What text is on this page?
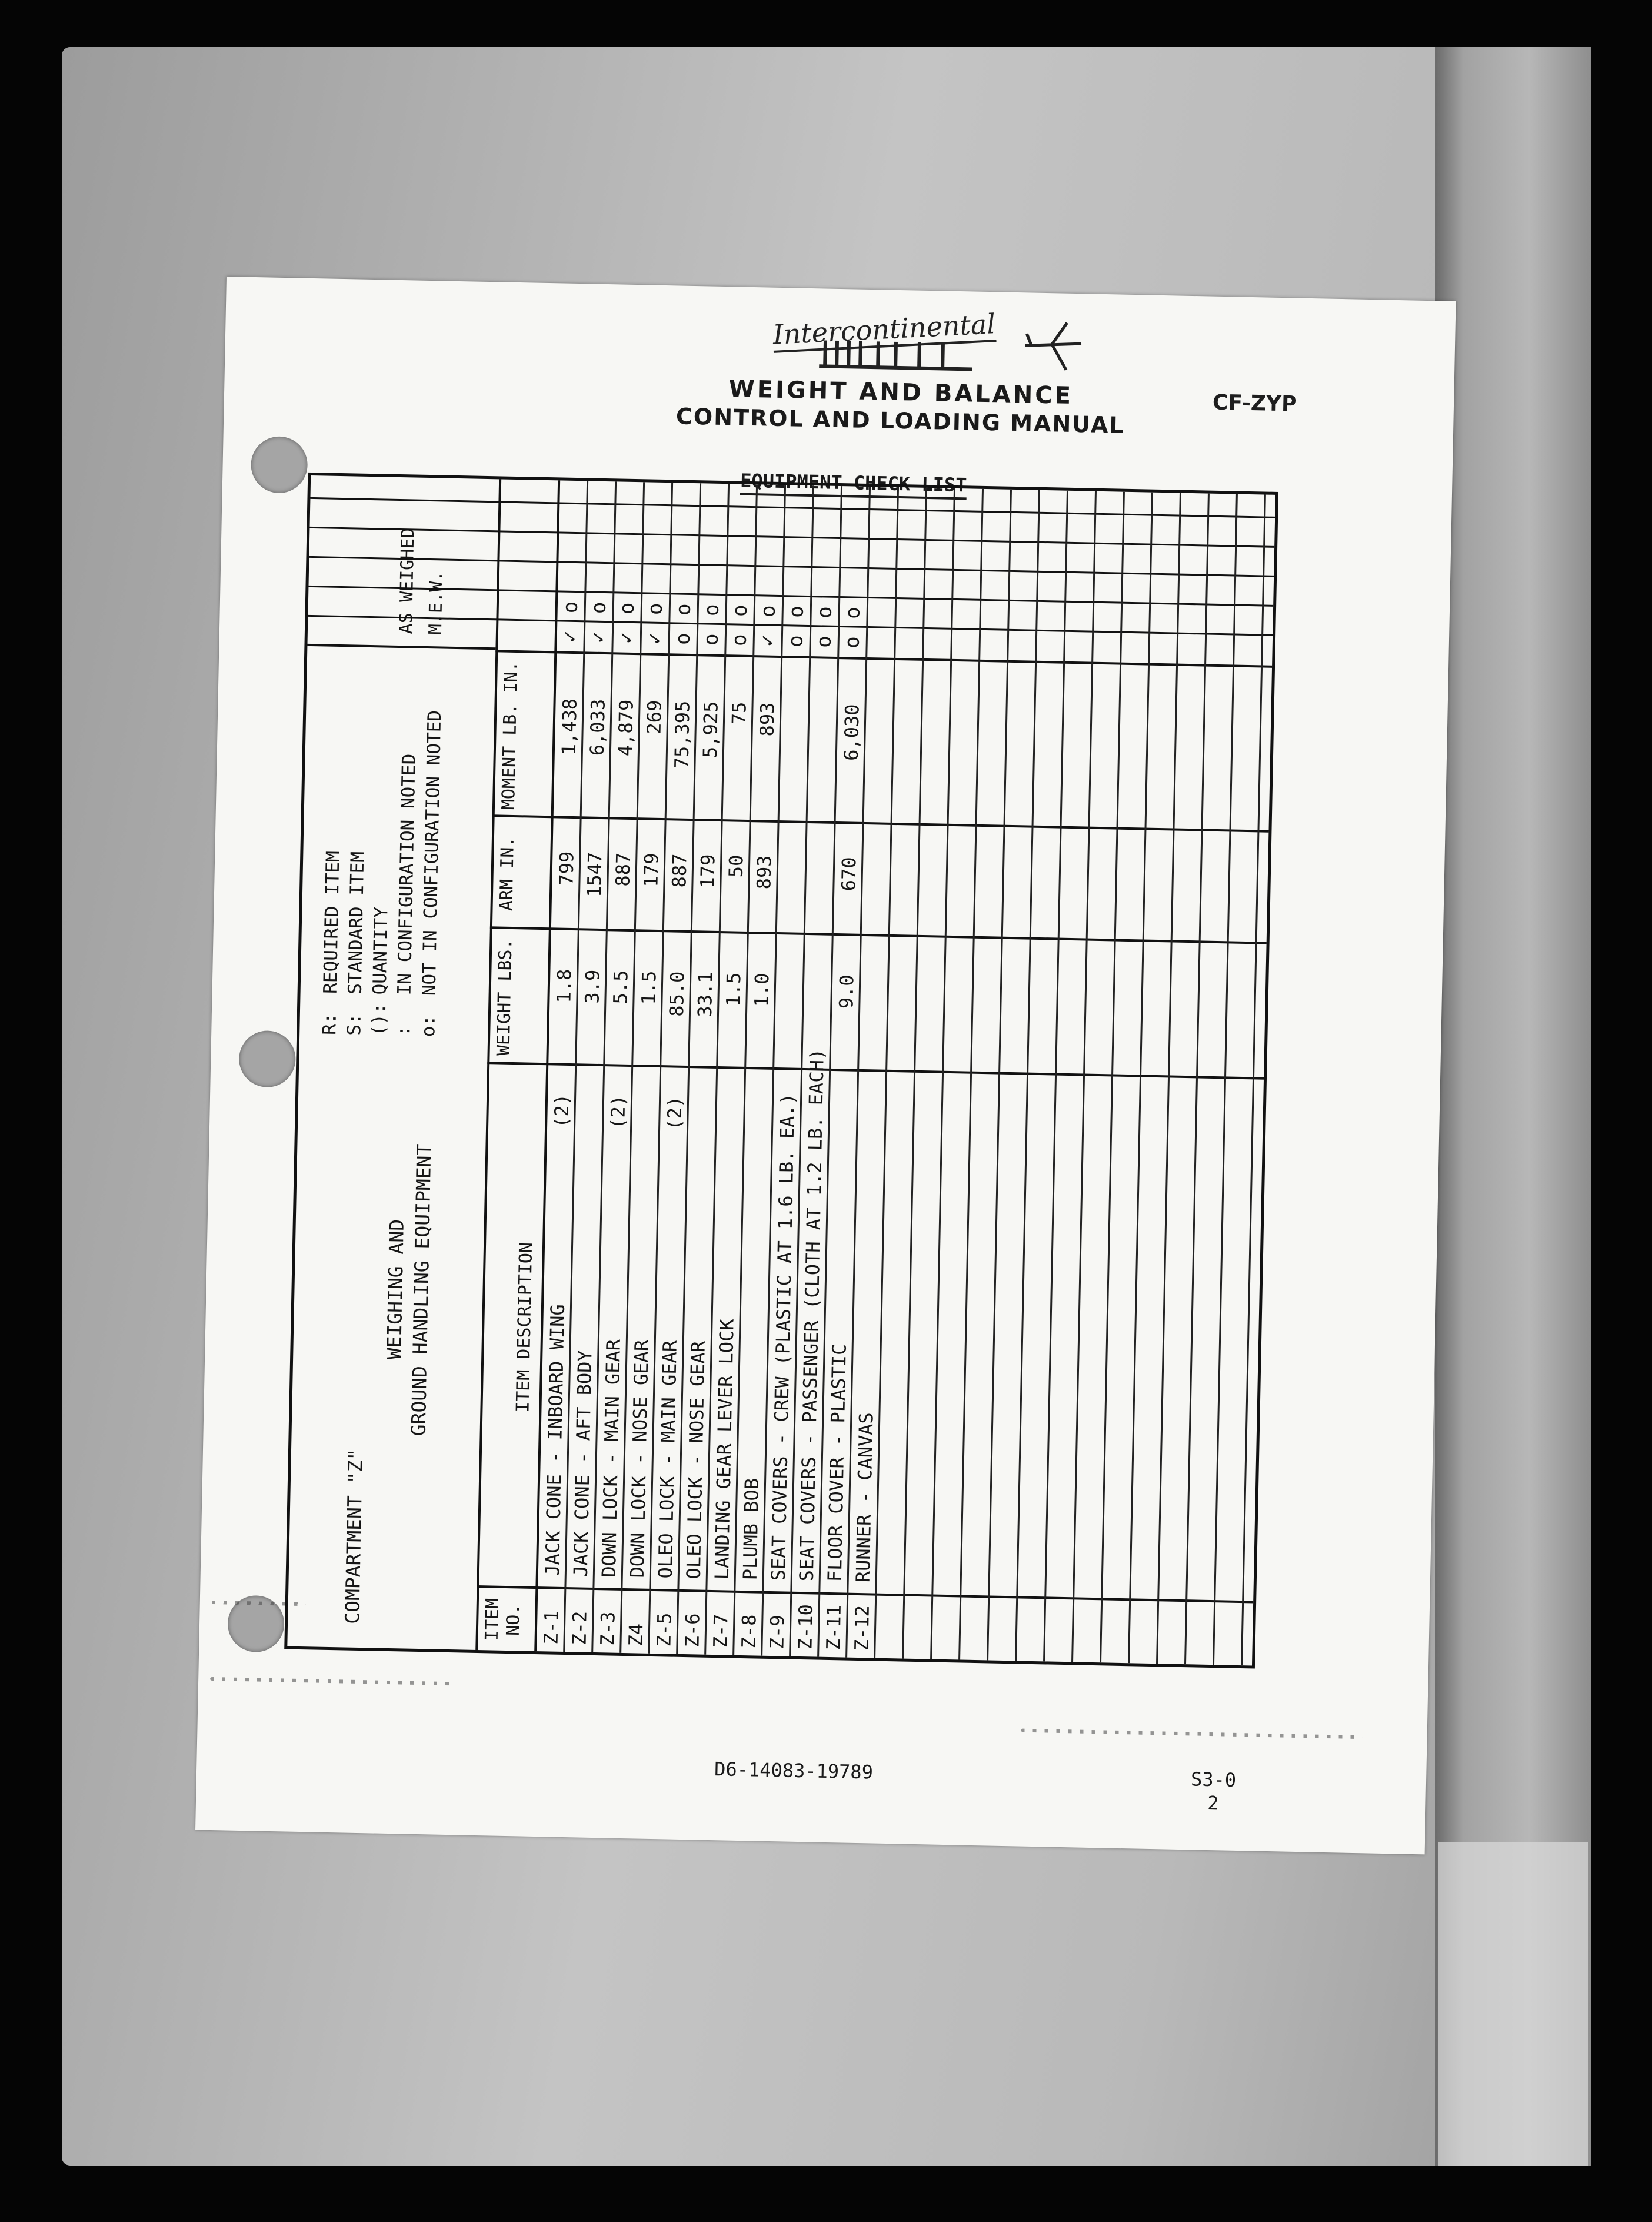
Intercontinental
WEIGHT AND BALANCE
CONTROL AND LOADING MANUAL	CF-ZYP
EQUIPMENT CHECK LIST
COMPARTMENT "Z"
WEIGHING AND
GROUND HANDLING EQUIPMENT
R:REQUIRED ITEM
S:STANDARD ITEM
():QUANTITY
:IN CONFIGURATION NOTED
o:NOT IN CONFIGURATION NOTED
AS WEIGHED M.E.W.
ITEM NO.
ITEM DESCRIPTION
WEIGHT LBS.
ARM IN.
MOMENT LB. IN.
Z-1
JACK CONE - INBOARD WING
(2)
1.8
799
1,438
✓
o
Z-2
JACK CONE - AFT BODY
3.9
1547
6,033
✓
o
Z-3
DOWN LOCK - MAIN GEAR
(2)
5.5
887
4,879
✓
o
Z4
DOWN LOCK - NOSE GEAR
1.5
179
269
✓
o
Z-5
OLEO LOCK - MAIN GEAR
(2)
85.0
887
75,395
o
o
Z-6
OLEO LOCK - NOSE GEAR
33.1
179
5,925
o
o
Z-7
LANDING GEAR LEVER LOCK
1.5
50
75
o
o
Z-8
PLUMB BOB
1.0
893
893
✓
o
Z-9
SEAT COVERS - CREW (PLASTIC AT 1.6 LB. EA.)
o
o
Z-10
SEAT COVERS - PASSENGER (CLOTH AT 1.2 LB. EACH)
o
o
Z-11
FLOOR COVER - PLASTIC
9.0
670
6,030
o
o
Z-12
RUNNER - CANVAS
D6-14083-19789	S3-0
2
